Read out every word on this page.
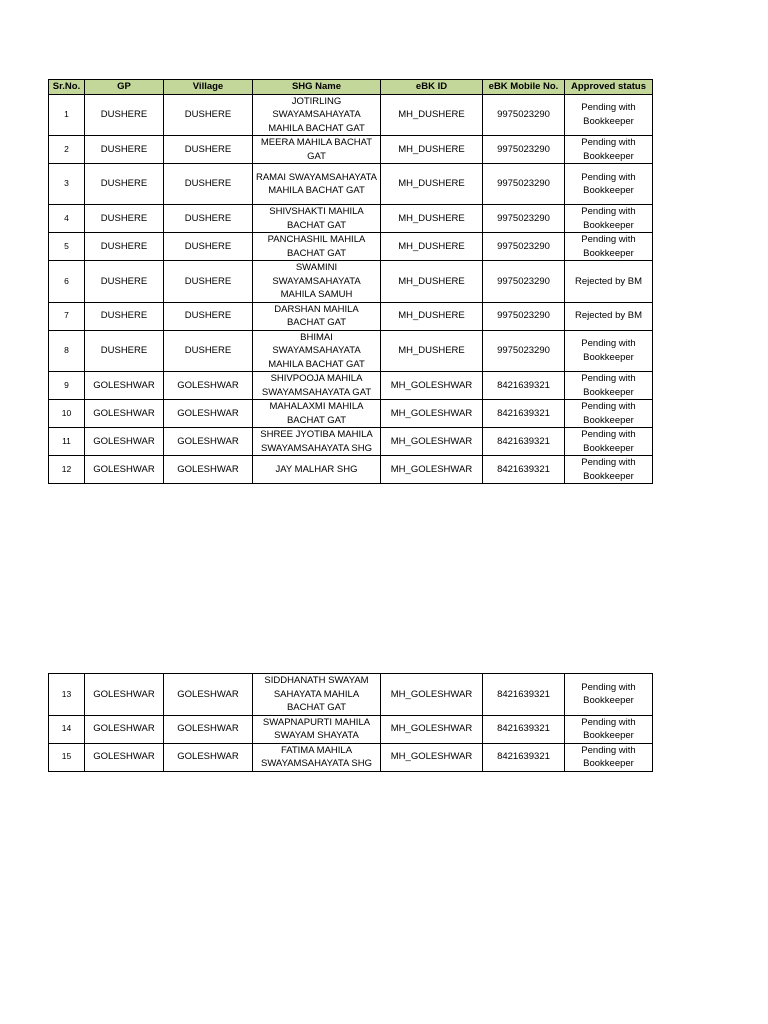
Sr.No.	GP	Village	SHG Name	eBK ID	eBK Mobile No.	Approved status
1	DUSHERE	DUSHERE	JOTIRLING SWAYAMSAHAYATA MAHILA BACHAT GAT	MH_DUSHERE	9975023290	Pending with Bookkeeper
2	DUSHERE	DUSHERE	MEERA MAHILA BACHAT GAT	MH_DUSHERE	9975023290	Pending with Bookkeeper
3	DUSHERE	DUSHERE	RAMAI SWAYAMSAHAYATA MAHILA BACHAT GAT	MH_DUSHERE	9975023290	Pending with Bookkeeper
4	DUSHERE	DUSHERE	SHIVSHAKTI MAHILA BACHAT GAT	MH_DUSHERE	9975023290	Pending with Bookkeeper
5	DUSHERE	DUSHERE	PANCHASHIL MAHILA BACHAT GAT	MH_DUSHERE	9975023290	Pending with Bookkeeper
6	DUSHERE	DUSHERE	SWAMINI SWAYAMSAHAYATA MAHILA SAMUH	MH_DUSHERE	9975023290	Rejected by BM
7	DUSHERE	DUSHERE	DARSHAN MAHILA BACHAT GAT	MH_DUSHERE	9975023290	Rejected by BM
8	DUSHERE	DUSHERE	BHIMAI SWAYAMSAHAYATA MAHILA BACHAT GAT	MH_DUSHERE	9975023290	Pending with Bookkeeper
9	GOLESHWAR	GOLESHWAR	SHIVPOOJA MAHILA SWAYAMSAHAYATA GAT	MH_GOLESHWAR	8421639321	Pending with Bookkeeper
10	GOLESHWAR	GOLESHWAR	MAHALAXMI MAHILA BACHAT GAT	MH_GOLESHWAR	8421639321	Pending with Bookkeeper
11	GOLESHWAR	GOLESHWAR	SHREE JYOTIBA MAHILA SWAYAMSAHAYATA SHG	MH_GOLESHWAR	8421639321	Pending with Bookkeeper
12	GOLESHWAR	GOLESHWAR	JAY MALHAR SHG	MH_GOLESHWAR	8421639321	Pending with Bookkeeper
13	GOLESHWAR	GOLESHWAR	SIDDHANATH SWAYAM SAHAYATA MAHILA BACHAT GAT	MH_GOLESHWAR	8421639321	Pending with Bookkeeper
14	GOLESHWAR	GOLESHWAR	SWAPNAPURTI MAHILA SWAYAM SHAYATA	MH_GOLESHWAR	8421639321	Pending with Bookkeeper
15	GOLESHWAR	GOLESHWAR	FATIMA MAHILA SWAYAMSAHAYATA SHG	MH_GOLESHWAR	8421639321	Pending with Bookkeeper
